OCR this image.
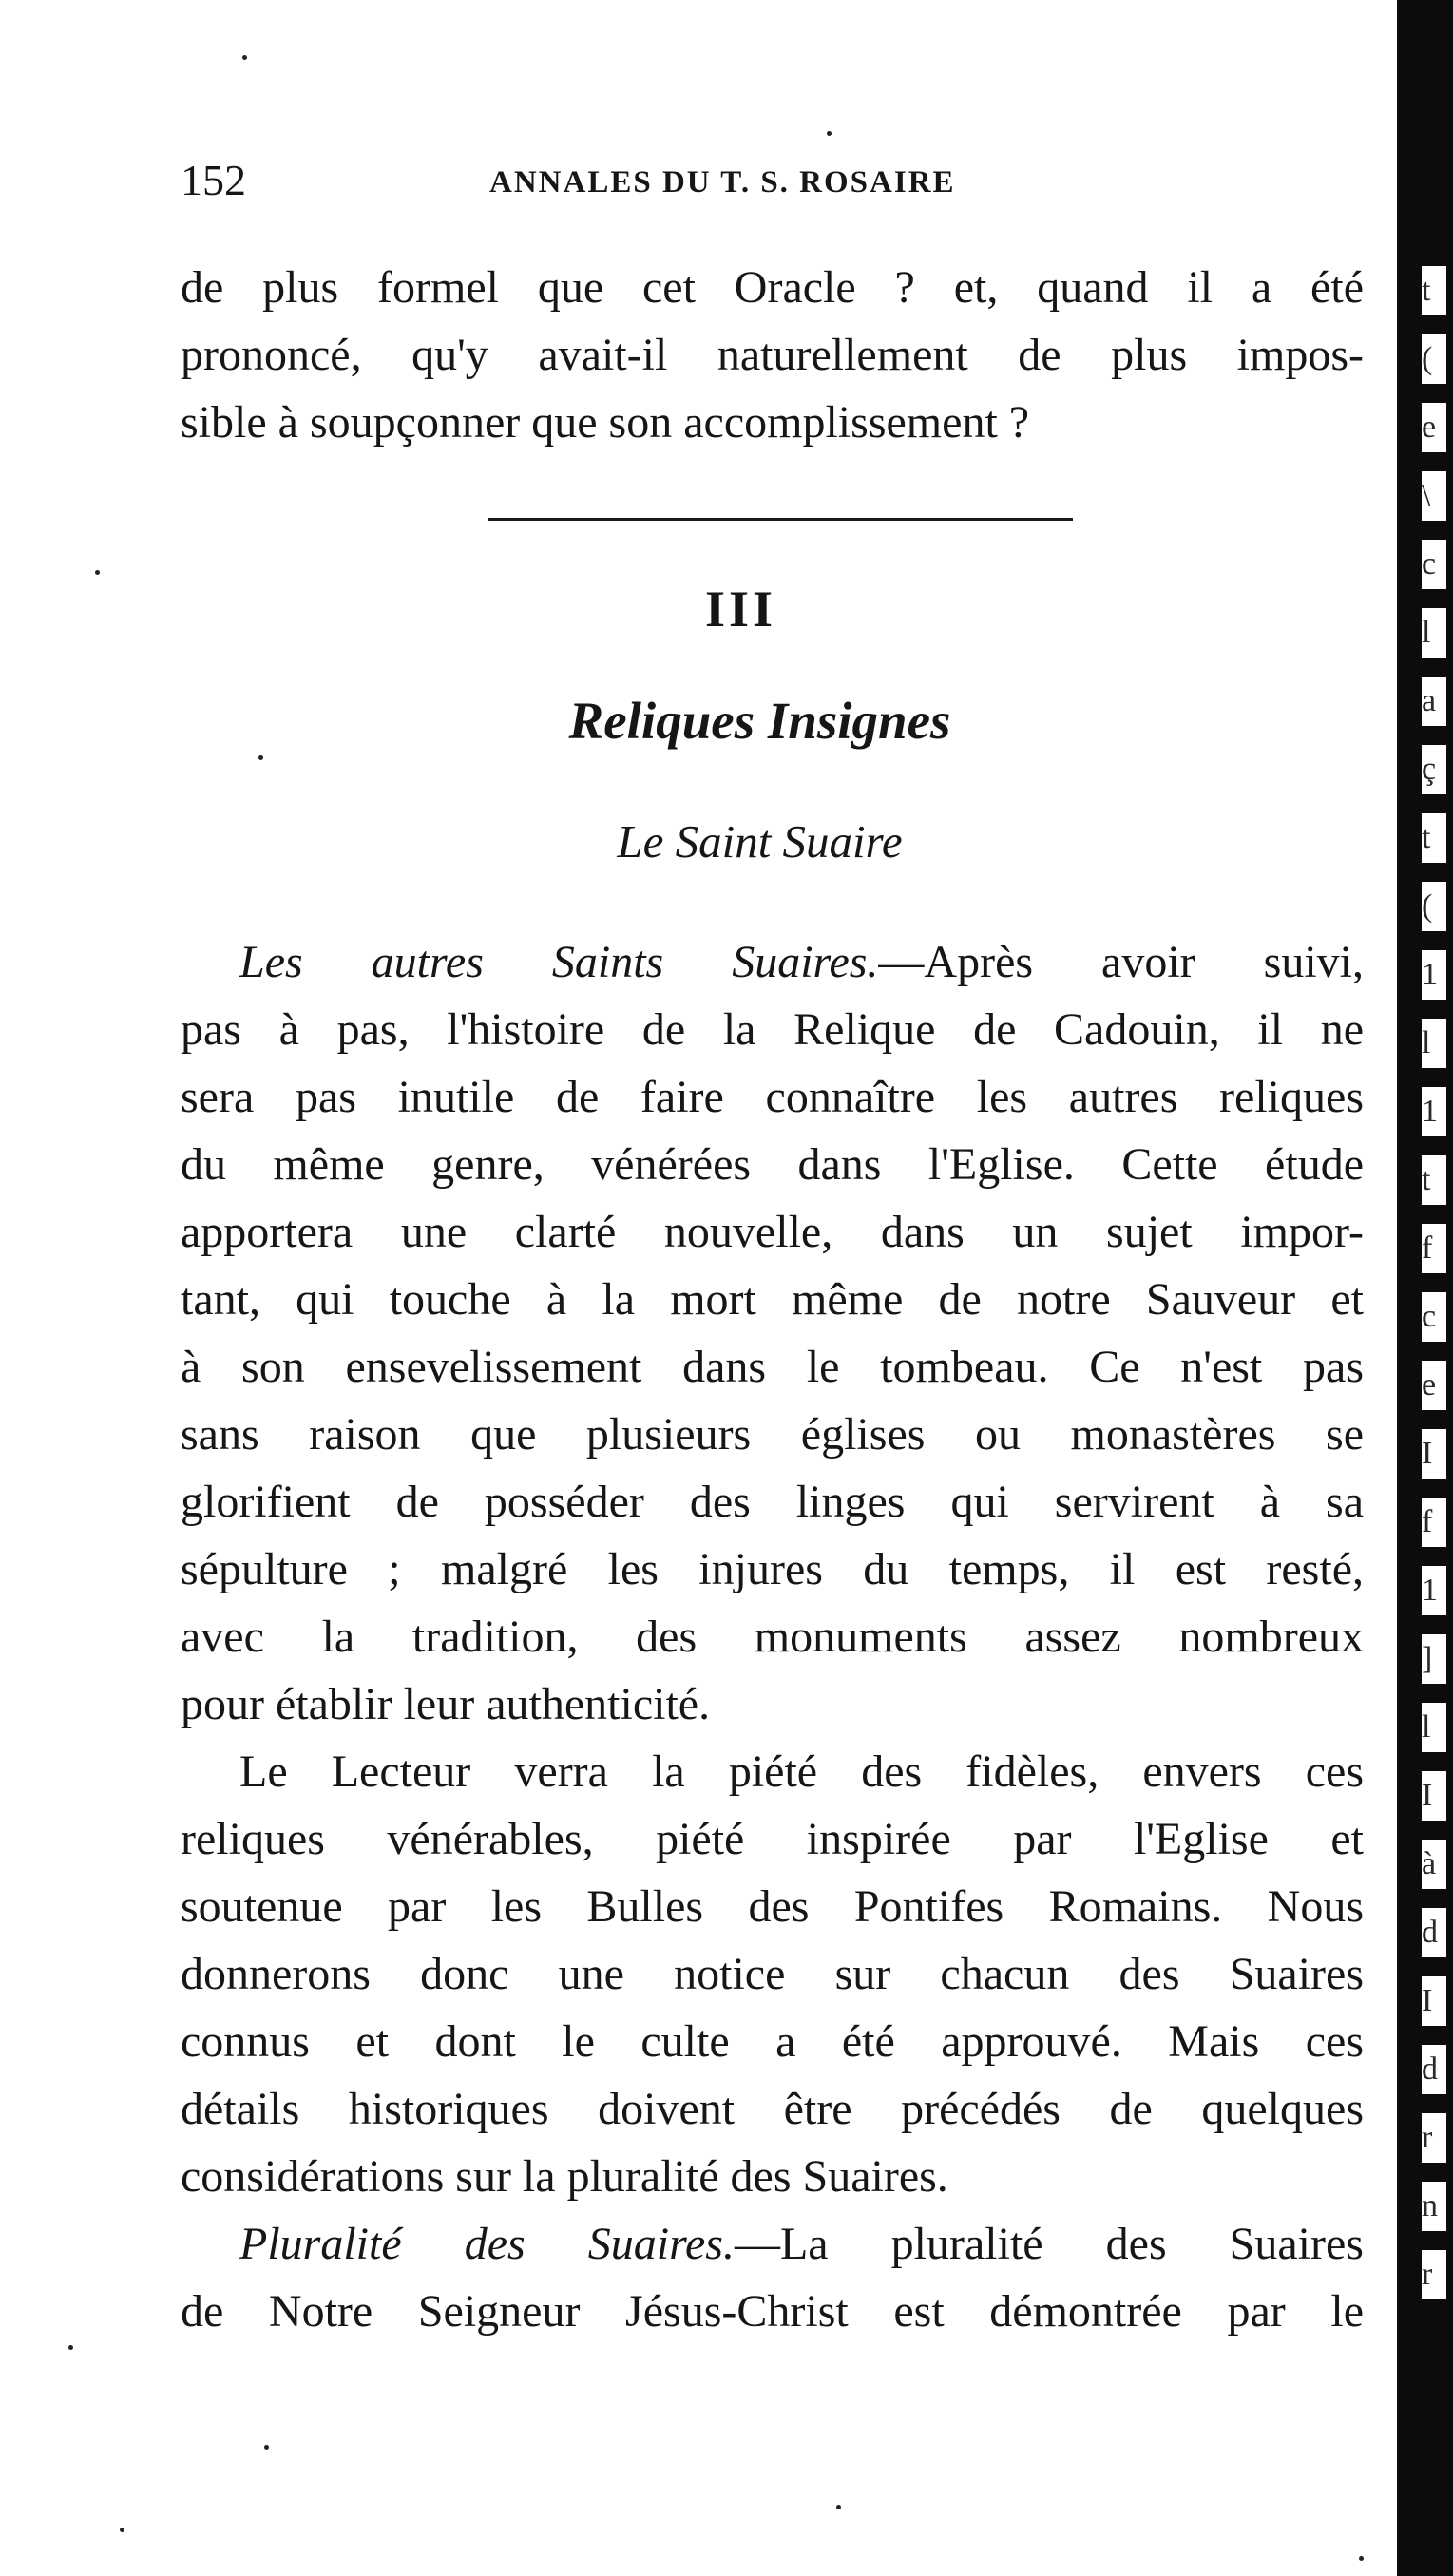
t
(
e
\
c
l
a
ç
t
(
1
l
1
t
f
c
e
I
f
1
]
l
I
à
d
I
d
r
n
r
152	ANNALES DU T. S. ROSAIRE
de plus formel que cet Oracle ? et, quand il a été
prononcé, qu'y avait-il naturellement de plus impos-
sible à soupçonner que son accomplissement ?
III
Reliques Insignes
Le Saint Suaire
Les autres Saints Suaires.—Après avoir suivi,
pas à pas, l'histoire de la Relique de Cadouin, il ne
sera pas inutile de faire connaître les autres reliques
du même genre, vénérées dans l'Eglise. Cette étude
apportera une clarté nouvelle, dans un sujet impor-
tant, qui touche à la mort même de notre Sauveur et
à son ensevelissement dans le tombeau. Ce n'est pas
sans raison que plusieurs églises ou monastères se
glorifient de posséder des linges qui servirent à sa
sépulture ; malgré les injures du temps, il est resté,
avec la tradition, des monuments assez nombreux
pour établir leur authenticité.
Le Lecteur verra la piété des fidèles, envers ces
reliques vénérables, piété inspirée par l'Eglise et
soutenue par les Bulles des Pontifes Romains. Nous
donnerons donc une notice sur chacun des Suaires
connus et dont le culte a été approuvé. Mais ces
détails historiques doivent être précédés de quelques
considérations sur la pluralité des Suaires.
Pluralité des Suaires.—La pluralité des Suaires
de Notre Seigneur Jésus-Christ est démontrée par le
